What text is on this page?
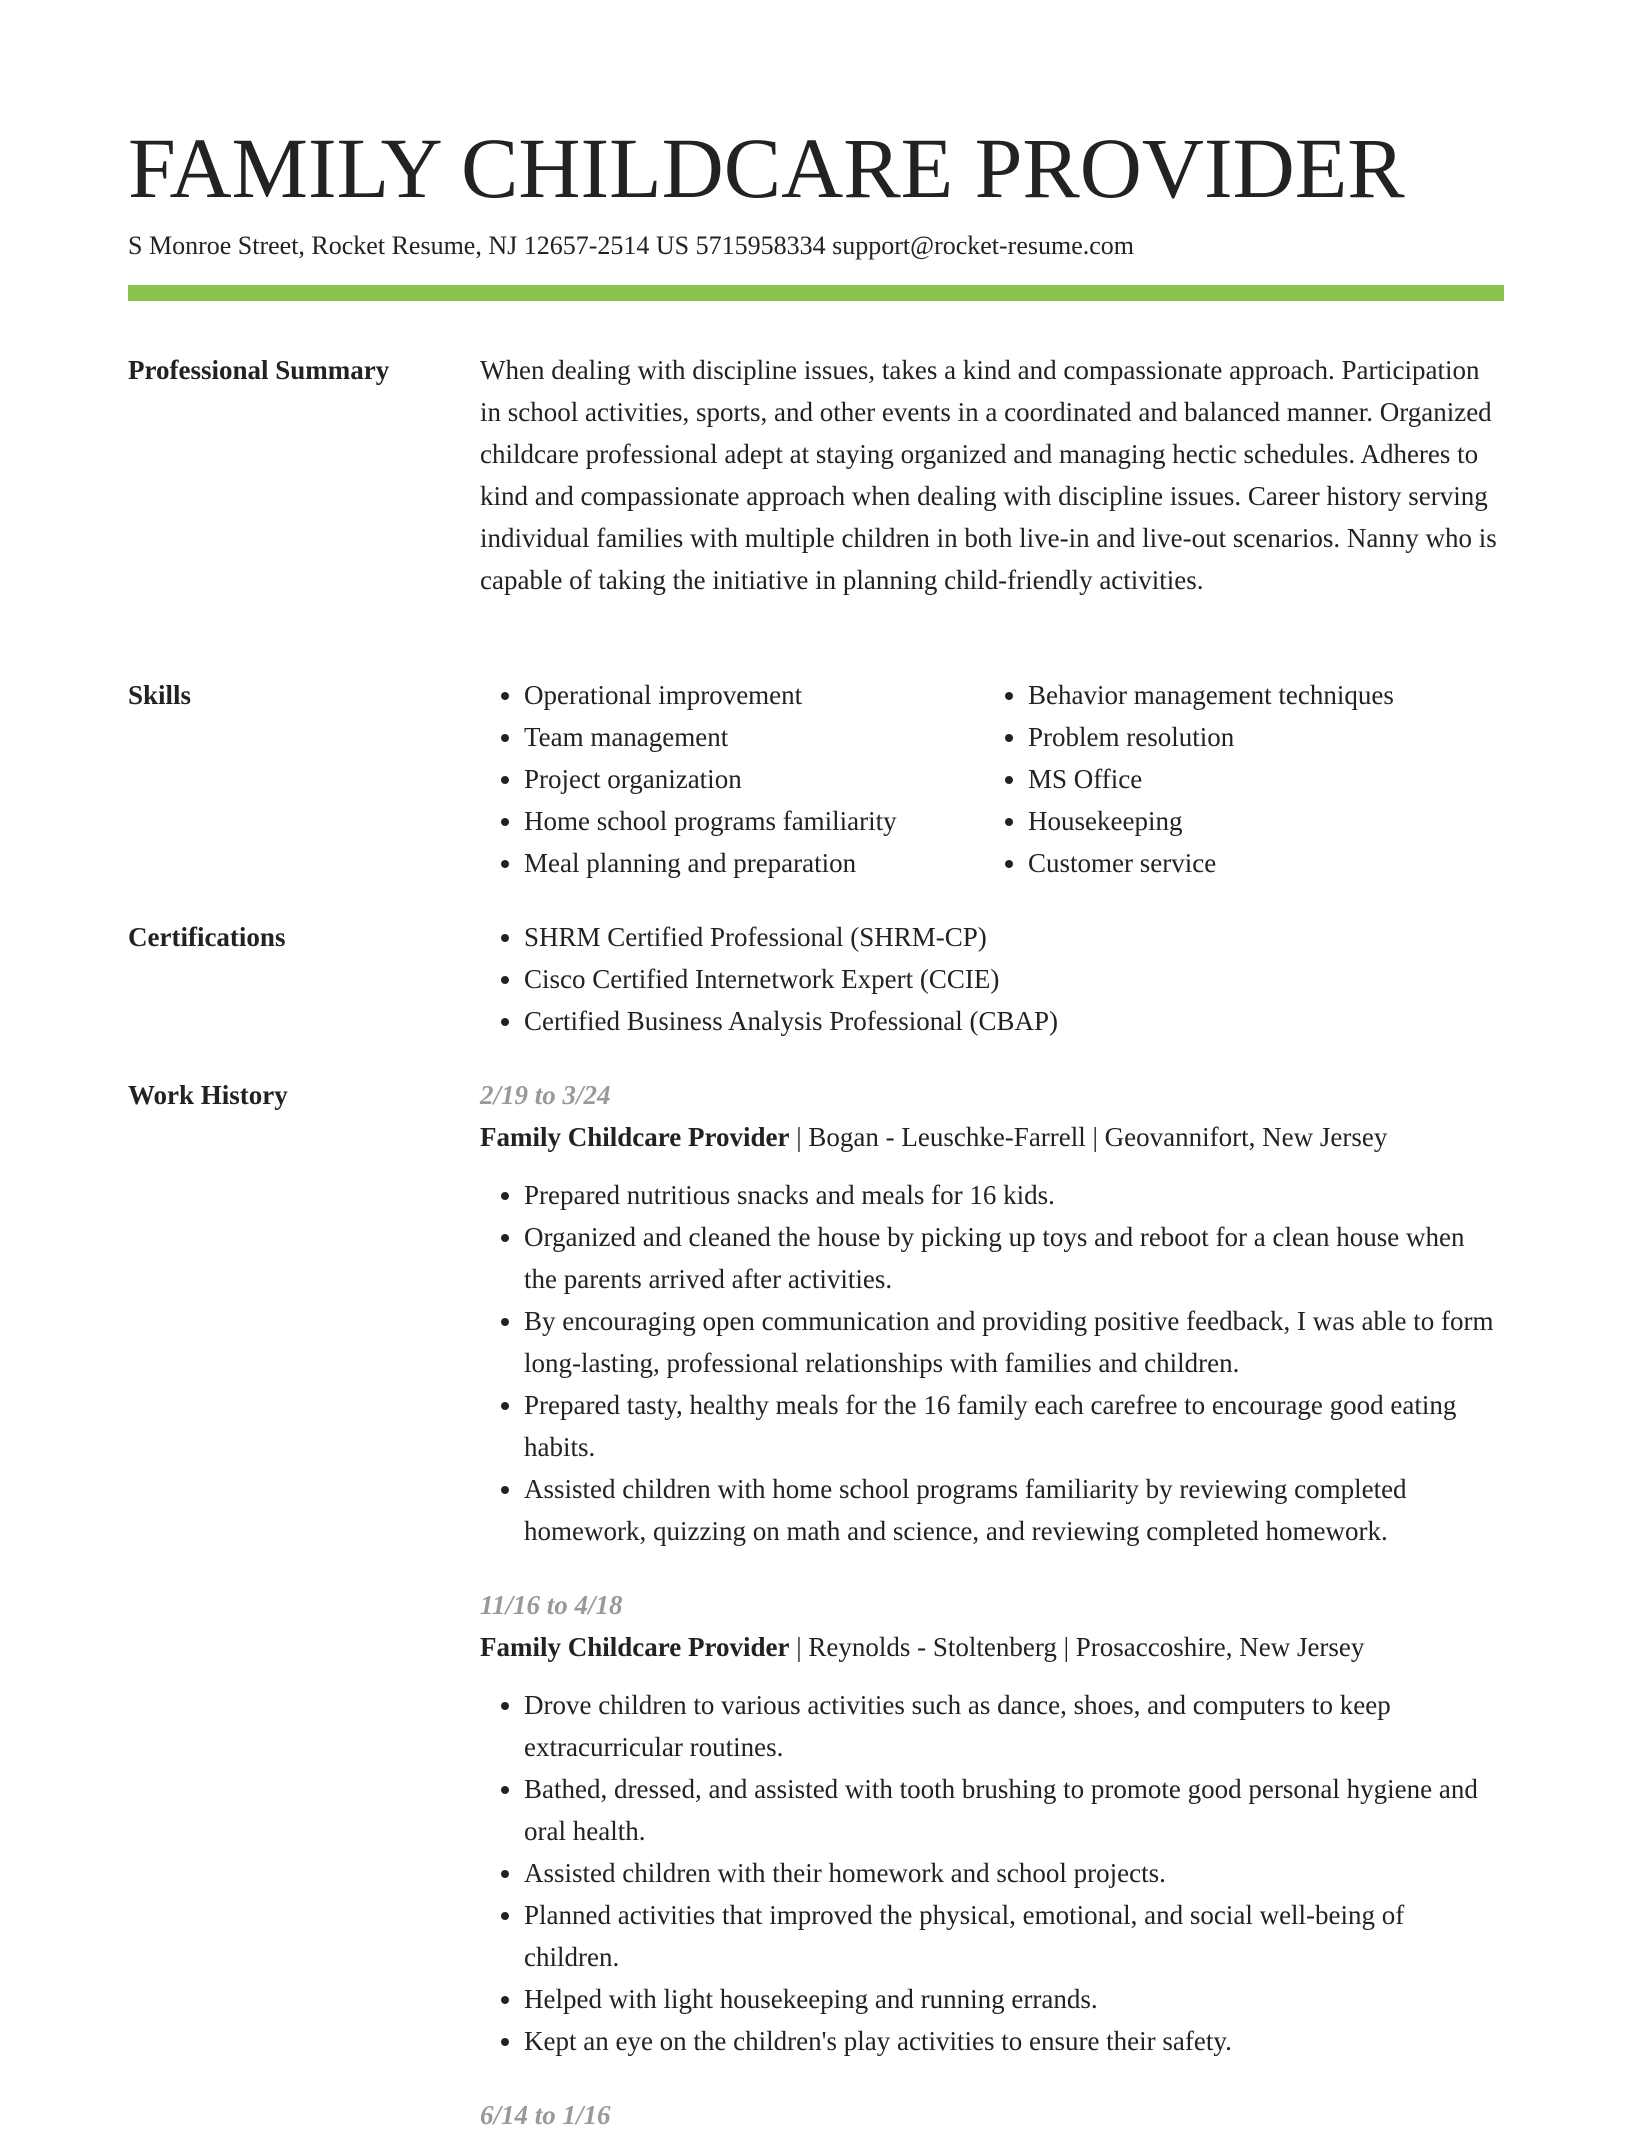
FAMILY CHILDCARE PROVIDER
S Monroe Street, Rocket Resume, NJ 12657-2514 US 5715958334 support@rocket-resume.com
Professional Summary	When dealing with discipline issues, takes a kind and compassionate approach. Participation in school activities, sports, and other events in a coordinated and balanced manner. Organized childcare professional adept at staying organized and managing hectic schedules. Adheres to kind and compassionate approach when dealing with discipline issues. Career history serving individual families with multiple children in both live-in and live-out scenarios. Nanny who is capable of taking the initiative in planning child-friendly activities.

Skills	• Operational improvement
• Team management
• Project organization
• Home school programs familiarity
• Meal planning and preparation
• Behavior management techniques
• Problem resolution
• MS Office
• Housekeeping
• Customer service
Certifications	• SHRM Certified Professional (SHRM-CP)
• Cisco Certified Internetwork Expert (CCIE)
• Certified Business Analysis Professional (CBAP)
Work History	2/19 to 3/24
Family Childcare Provider | Bogan - Leuschke-Farrell | Geovannifort, New Jersey
• Prepared nutritious snacks and meals for 16 kids.
• Organized and cleaned the house by picking up toys and reboot for a clean house when the parents arrived after activities.
• By encouraging open communication and providing positive feedback, I was able to form long-lasting, professional relationships with families and children.
• Prepared tasty, healthy meals for the 16 family each carefree to encourage good eating habits.
• Assisted children with home school programs familiarity by reviewing completed homework, quizzing on math and science, and reviewing completed homework.
11/16 to 4/18
Family Childcare Provider | Reynolds - Stoltenberg | Prosaccoshire, New Jersey
• Drove children to various activities such as dance, shoes, and computers to keep extracurricular routines.
• Bathed, dressed, and assisted with tooth brushing to promote good personal hygiene and oral health.
• Assisted children with their homework and school projects.
• Planned activities that improved the physical, emotional, and social well-being of children.
• Helped with light housekeeping and running errands.
• Kept an eye on the children's play activities to ensure their safety.
6/14 to 1/16
